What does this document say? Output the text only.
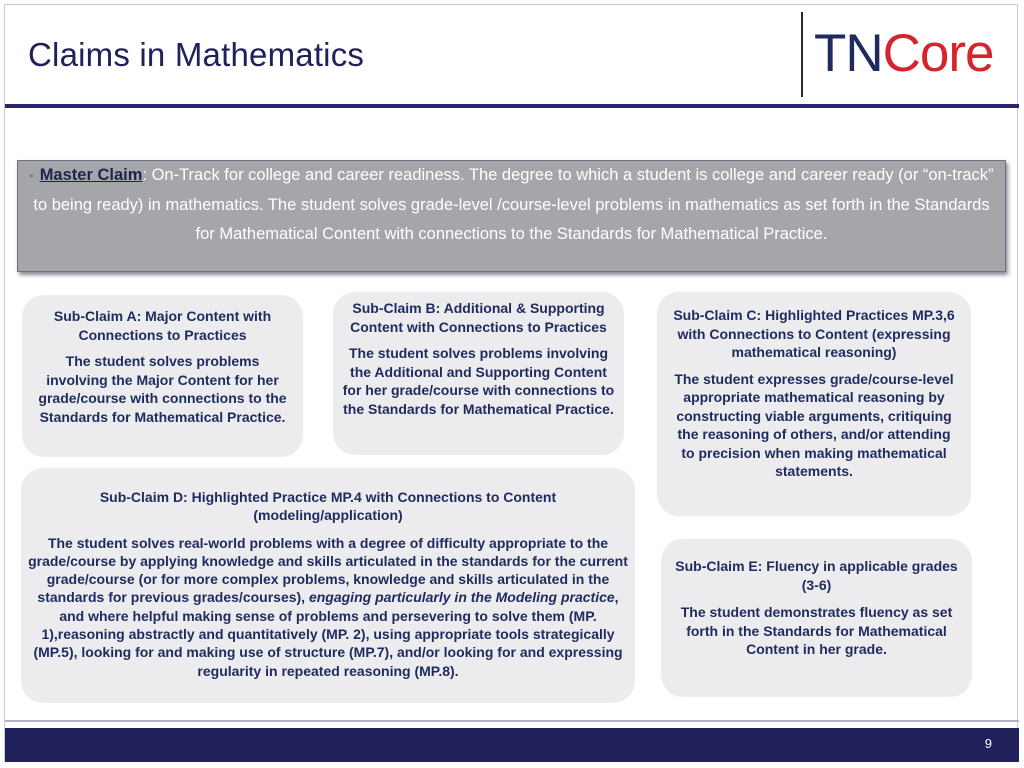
Claims in Mathematics	TNCore
• Master Claim: On-Track for college and career readiness. The degree to which a student is college and career ready (or “on-track” to being ready) in mathematics. The student solves grade-level /course-level problems in mathematics as set forth in the Standards for Mathematical Content with connections to the Standards for Mathematical Practice.
Sub-Claim A: Major Content with Connections to Practices
The student solves problems involving the Major Content for her grade/course with connections to the Standards for Mathematical Practice.
Sub-Claim B: Additional & Supporting Content with Connections to Practices
The student solves problems involving the Additional and Supporting Content for her grade/course with connections to the Standards for Mathematical Practice.
Sub-Claim C: Highlighted Practices MP.3,6 with Connections to Content (expressing mathematical reasoning)
The student expresses grade/course-level appropriate mathematical reasoning by constructing viable arguments, critiquing the reasoning of others, and/or attending to precision when making mathematical statements.
Sub-Claim D: Highlighted Practice MP.4 with Connections to Content (modeling/application)
The student solves real-world problems with a degree of difficulty appropriate to the grade/course by applying knowledge and skills articulated in the standards for the current grade/course (or for more complex problems, knowledge and skills articulated in the standards for previous grades/courses), engaging particularly in the Modeling practice, and where helpful making sense of problems and persevering to solve them (MP. 1),reasoning abstractly and quantitatively (MP. 2), using appropriate tools strategically (MP.5), looking for and making use of structure (MP.7), and/or looking for and expressing regularity in repeated reasoning (MP.8).
Sub-Claim E: Fluency in applicable grades (3-6)
The student demonstrates fluency as set forth in the Standards for Mathematical Content in her grade.
9
